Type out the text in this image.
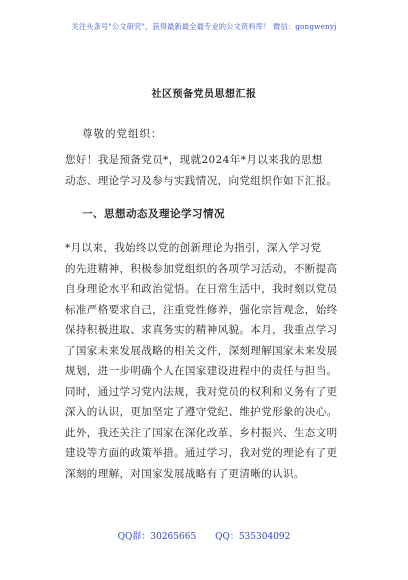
关注头条号"公文研究"，获得最新最全最专业的公文资料库！ 微信：gongwenyj
社区预备党员思想汇报
尊敬的党组织：
您好！我是预备党员*，现就2024年*月以来我的思想
动态、理论学习及参与实践情况，向党组织作如下汇报。
一、思想动态及理论学习情况
*月以来，我始终以党的创新理论为指引，深入学习党
的先进精神，积极参加党组织的各项学习活动，不断提高
自身理论水平和政治觉悟。在日常生活中，我时刻以党员
标准严格要求自己，注重党性修养，强化宗旨观念，始终
保持积极进取、求真务实的精神风貌。本月，我重点学习
了国家未来发展战略的相关文件，深刻理解国家未来发展
规划，进一步明确个人在国家建设进程中的责任与担当。
同时，通过学习党内法规，我对党员的权利和义务有了更
深入的认识，更加坚定了遵守党纪、维护党形象的决心。
此外，我还关注了国家在深化改革、乡村振兴、生态文明
建设等方面的政策举措。通过学习，我对党的理论有了更
深刻的理解，对国家发展战略有了更清晰的认识。
QQ群：30265665 QQ：535304092
